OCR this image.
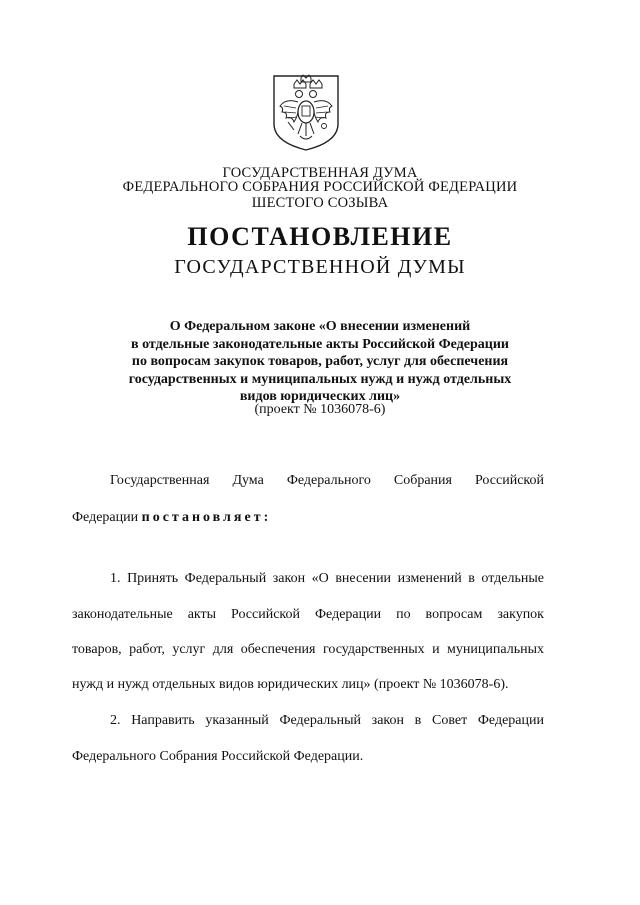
ГОСУДАРСТВЕННАЯ ДУМА
ФЕДЕРАЛЬНОГО СОБРАНИЯ РОССИЙСКОЙ ФЕДЕРАЦИИ
ШЕСТОГО СОЗЫВА
ПОСТАНОВЛЕНИЕ
ГОСУДАРСТВЕННОЙ ДУМЫ
О Федеральном законе «О внесении изменений
в отдельные законодательные акты Российской Федерации
по вопросам закупок товаров, работ, услуг для обеспечения
государственных и муниципальных нужд и нужд отдельных
видов юридических лиц»
(проект № 1036078-6)
Государственная Дума Федерального Собрания Российской
Федерации постановляет:
1. Принять Федеральный закон «О внесении изменений в отдельные
законодательные акты Российской Федерации по вопросам закупок
товаров, работ, услуг для обеспечения государственных и муниципальных
нужд и нужд отдельных видов юридических лиц» (проект № 1036078-6).
2. Направить указанный Федеральный закон в Совет Федерации
Федерального Собрания Российской Федерации.
